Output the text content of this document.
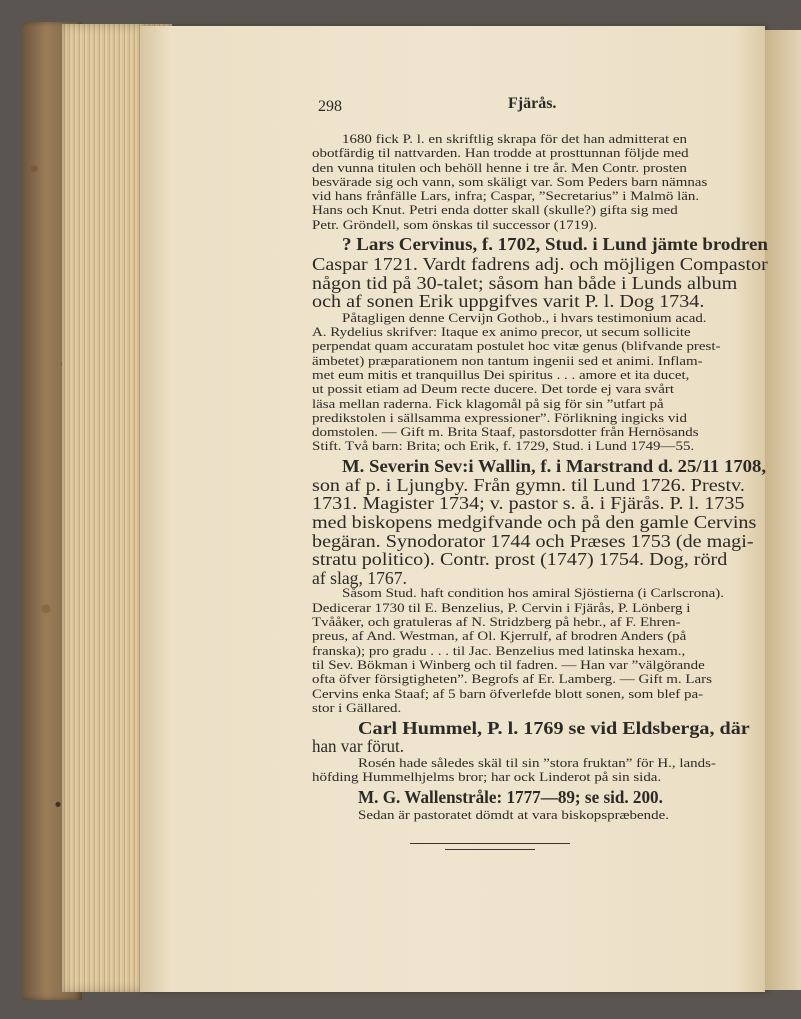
298	Fjärås.
1680 fick P. l. en skriftlig skrapa för det han admitterat en
obotfärdig til nattvarden. Han trodde at prosttunnan följde med
den vunna titulen och behöll henne i tre år. Men Contr. prosten
besvärade sig och vann, som skäligt var. Som Peders barn nämnas
vid hans frånfälle Lars, infra; Caspar, ”Secretarius” i Malmö län.
Hans och Knut. Petri enda dotter skall (skulle?) gifta sig med
Petr. Gröndell, som önskas til successor (1719).
? Lars Cervinus, f. 1702, Stud. i Lund jämte brodren
Caspar 1721. Vardt fadrens adj. och möjligen Compastor
någon tid på 30-talet; såsom han både i Lunds album
och af sonen Erik uppgifves varit P. l. Dog 1734.
Påtagligen denne Cervijn Gothob., i hvars testimonium acad.
A. Rydelius skrifver: Itaque ex animo precor, ut secum sollicite
perpendat quam accuratam postulet hoc vitæ genus (blifvande prest-
ämbetet) præparationem non tantum ingenii sed et animi. Inflam-
met eum mitis et tranquillus Dei spiritus . . . amore et ita ducet,
ut possit etiam ad Deum recte ducere. Det torde ej vara svårt
läsa mellan raderna. Fick klagomål på sig för sin ”utfart på
predikstolen i sällsamma expressioner”. Förlikning ingicks vid
domstolen. — Gift m. Brita Staaf, pastorsdotter från Hernösands
Stift. Två barn: Brita; och Erik, f. 1729, Stud. i Lund 1749—55.
M. Severin Sev:i Wallin, f. i Marstrand d. 25/11 1708,
son af p. i Ljungby. Från gymn. til Lund 1726. Prestv.
1731. Magister 1734; v. pastor s. å. i Fjärås. P. l. 1735
med biskopens medgifvande och på den gamle Cervins
begäran. Synodorator 1744 och Præses 1753 (de magi-
stratu politico). Contr. prost (1747) 1754. Dog, rörd
af slag, 1767.
Såsom Stud. haft condition hos amiral Sjöstierna (i Carlscrona).
Dedicerar 1730 til E. Benzelius, P. Cervin i Fjärås, P. Lönberg i
Tvååker, och gratuleras af N. Stridzberg på hebr., af F. Ehren-
preus, af And. Westman, af Ol. Kjerrulf, af brodren Anders (på
franska); pro gradu . . . til Jac. Benzelius med latinska hexam.,
til Sev. Bökman i Winberg och til fadren. — Han var ”välgörande
ofta öfver försigtigheten”. Begrofs af Er. Lamberg. — Gift m. Lars
Cervins enka Staaf; af 5 barn öfverlefde blott sonen, som blef pa-
stor i Gällared.
Carl Hummel, P. l. 1769 se vid Eldsberga, där
han var förut.
Rosén hade således skäl til sin ”stora fruktan” för H., lands-
höfding Hummelhjelms bror; har ock Linderot på sin sida.
M. G. Wallenstråle: 1777—89; se sid. 200.
Sedan är pastoratet dömdt at vara biskopspræbende.
